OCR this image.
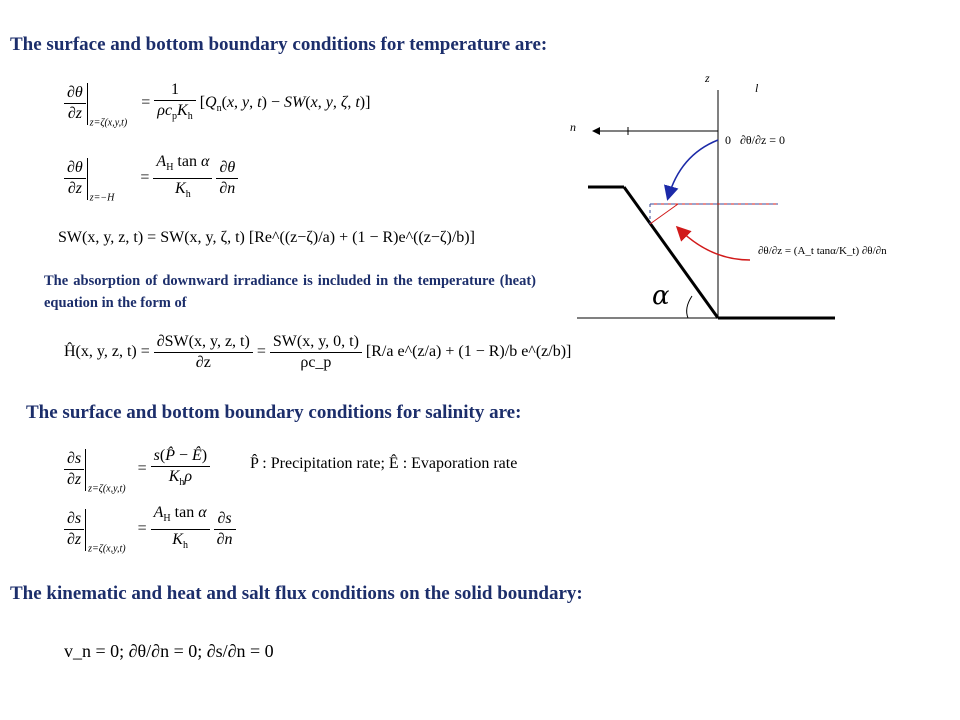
The surface and bottom boundary conditions for temperature are:
The surface and bottom boundary conditions for salinity are:
The kinematic and heat and salt flux conditions on the solid boundary:
$\frac{\partial\theta}{\partial z} _{z=\zeta(x,y,t)} = \frac{1}{\rho c_pK_h} [Q_n(x$, y, t) − SW(x, y, ζ, t)]
$\frac{\partial\theta}{\partial z} _{z=-H} = \frac{A_H \tan \alpha}{K_h}$
$\frac{\partial\theta}{\partial n}$
SW(x, y, z, t) = SW(x, y, ζ, t) [Re^((z−ζ)/a) + (1 − R)e^((z−ζ)/b)]
The absorption of downward irradiance is included in the temperature (heat) equation in the form of
Ĥ(x, y, z, $t) = \frac{\partial SW(x, y, z, t)}{\partial z} = \frac{SW(x, y, 0, t)}{\rho c\_p} [R/a$ e^(z/a) + (1 − R)/b e^(z/b)]
$\frac{\partial s}{\partial z} _{z=\zeta(x,y,t)} = \frac{s(P̂ - Ê)}{K_h\rho}$ P̂ : Precipitation rate; Ê : Evaporation rate
$\frac{\partial s}{\partial z} _{z=\zeta(x,y,t)} = \frac{A_H \tan \alpha}{K_h}$
$\frac{\partial s}{\partial n}$
v_n = 0; ∂θ/∂n = 0; ∂s/∂n = 0
z
l
n
0
α
∂θ/∂z = 0
∂θ/∂z = (A_t tanα/K_t) ∂θ/∂n
